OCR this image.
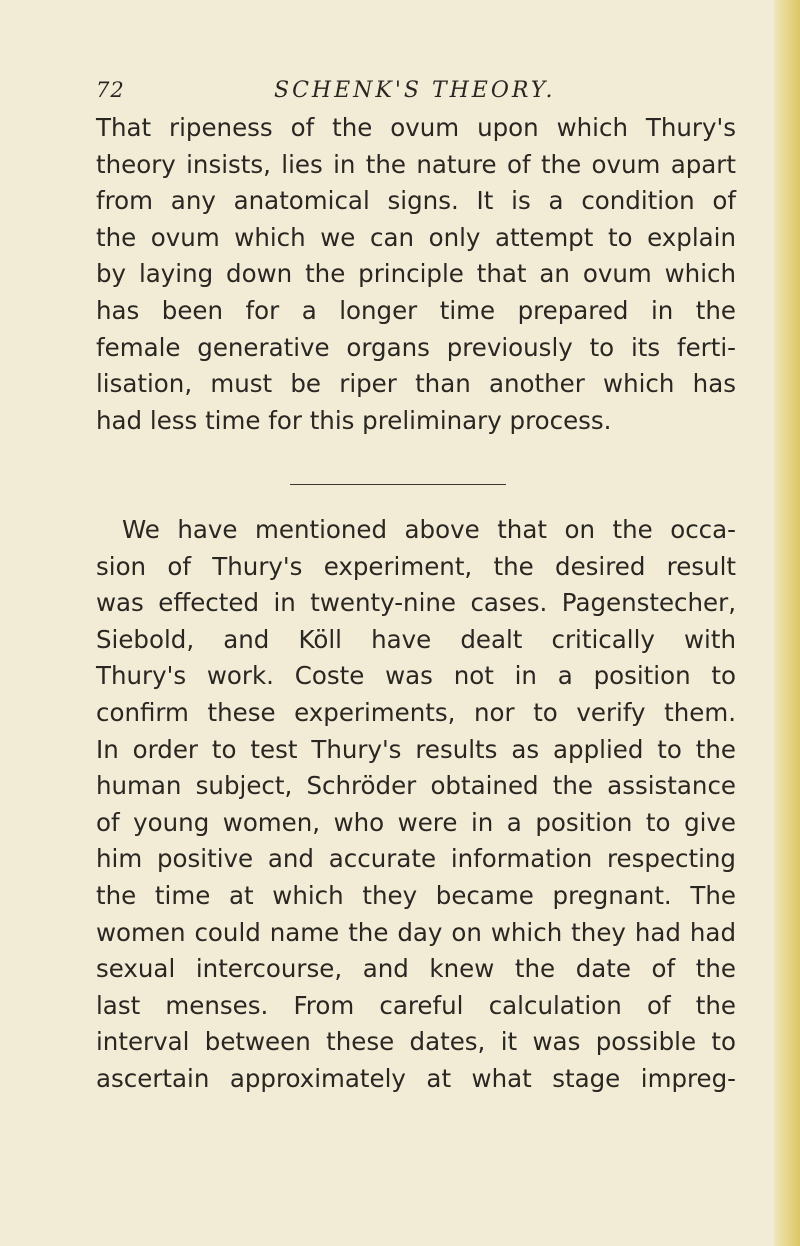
72	SCHENK'S THEORY.
That ripeness of the ovum upon which Thury's
theory insists, lies in the nature of the ovum apart
from any anatomical signs. It is a condition of
the ovum which we can only attempt to explain
by laying down the principle that an ovum which
has been for a longer time prepared in the
female generative organs previously to its ferti-
lisation, must be riper than another which has
had less time for this preliminary process.
We have mentioned above that on the occa-
sion of Thury's experiment, the desired result
was effected in twenty-nine cases. Pagenstecher,
Siebold, and Köll have dealt critically with
Thury's work. Coste was not in a position to
confirm these experiments, nor to verify them.
In order to test Thury's results as applied to the
human subject, Schröder obtained the assistance
of young women, who were in a position to give
him positive and accurate information respecting
the time at which they became pregnant. The
women could name the day on which they had had
sexual intercourse, and knew the date of the
last menses. From careful calculation of the
interval between these dates, it was possible to
ascertain approximately at what stage impreg-
